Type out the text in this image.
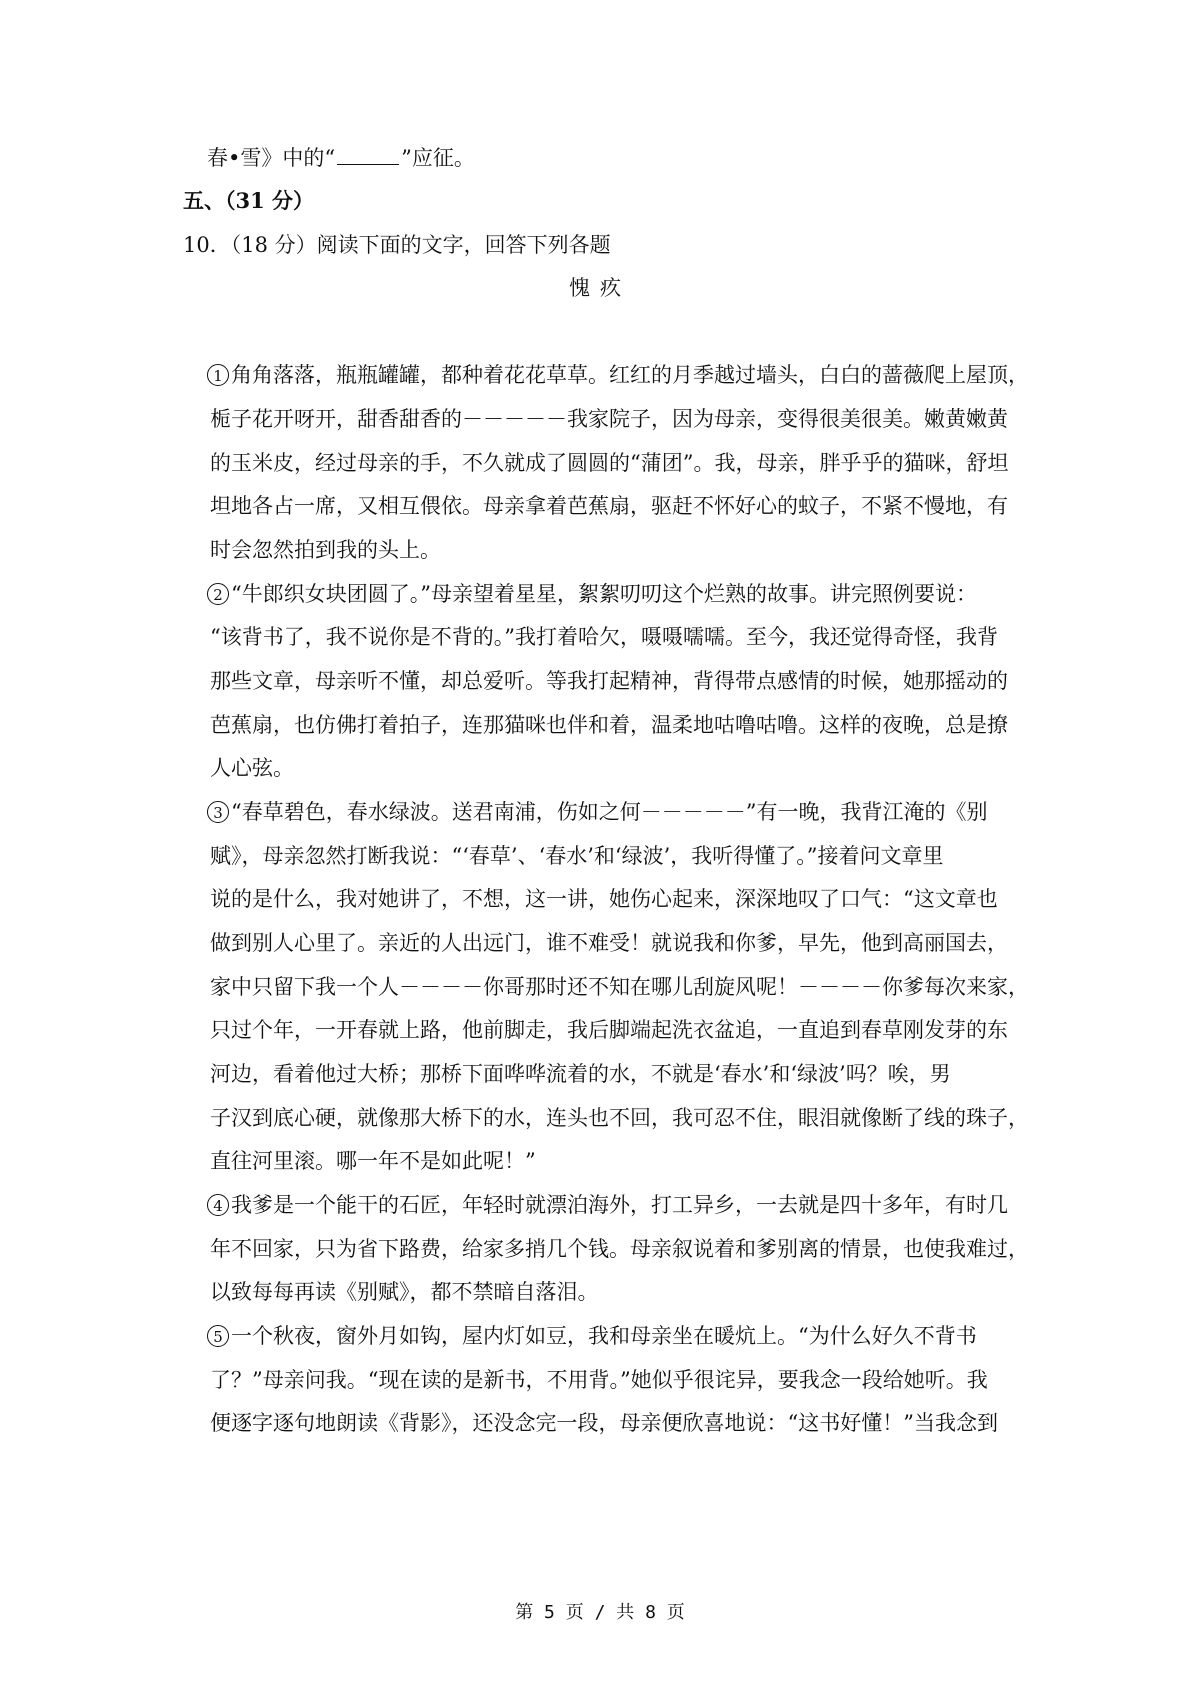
春•雪》中的“	”应征。
五、（31 分）
10．（18 分）阅读下面的文字，回答下列各题
愧疚
1 角角落落，瓶瓶罐罐，都种着花花草草。红红的月季越过墙头，白白的蔷薇爬上屋顶，
栀子花开呀开，甜香甜香的－－－－－我家院子，因为母亲，变得很美很美。嫩黄嫩黄
的玉米皮，经过母亲的手，不久就成了圆圆的“蒲团”。我，母亲，胖乎乎的猫咪，舒坦
坦地各占一席，又相互偎依。母亲拿着芭蕉扇，驱赶不怀好心的蚊子，不紧不慢地，有
时会忽然拍到我的头上。
2 “牛郎织女块团圆了。”母亲望着星星，絮絮叨叨这个烂熟的故事。讲完照例要说：
“该背书了，我不说你是不背的。”我打着哈欠，嗫嗫嚅嚅。至今，我还觉得奇怪，我背
那些文章，母亲听不懂，却总爱听。等我打起精神，背得带点感情的时候，她那摇动的
芭蕉扇，也仿佛打着拍子，连那猫咪也伴和着，温柔地咕噜咕噜。这样的夜晚，总是撩
人心弦。
3 “春草碧色，春水绿波。送君南浦，伤如之何－－－－－”有一晚，我背江淹的《别
赋》，母亲忽然打断我说：“‘春草’、‘春水’和‘绿波’，我听得懂了。”接着问文章里
说的是什么，我对她讲了，不想，这一讲，她伤心起来，深深地叹了口气：“这文章也
做到别人心里了。亲近的人出远门，谁不难受！就说我和你爹，早先，他到高丽国去，
家中只留下我一个人－－－－你哥那时还不知在哪儿刮旋风呢！－－－－你爹每次来家，
只过个年，一开春就上路，他前脚走，我后脚端起洗衣盆追，一直追到春草刚发芽的东
河边，看着他过大桥；那桥下面哗哗流着的水，不就是‘春水’和‘绿波’吗？唉，男
子汉到底心硬，就像那大桥下的水，连头也不回，我可忍不住，眼泪就像断了线的珠子，
直往河里滚。哪一年不是如此呢！”
4 我爹是一个能干的石匠，年轻时就漂泊海外，打工异乡，一去就是四十多年，有时几
年不回家，只为省下路费，给家多捎几个钱。母亲叙说着和爹别离的情景，也使我难过，
以致每每再读《别赋》，都不禁暗自落泪。
5 一个秋夜，窗外月如钩，屋内灯如豆，我和母亲坐在暖炕上。“为什么好久不背书
了？”母亲问我。“现在读的是新书，不用背。”她似乎很诧异，要我念一段给她听。我
便逐字逐句地朗读《背影》，还没念完一段，母亲便欣喜地说：“这书好懂！”当我念到
第 5 页 / 共 8 页
